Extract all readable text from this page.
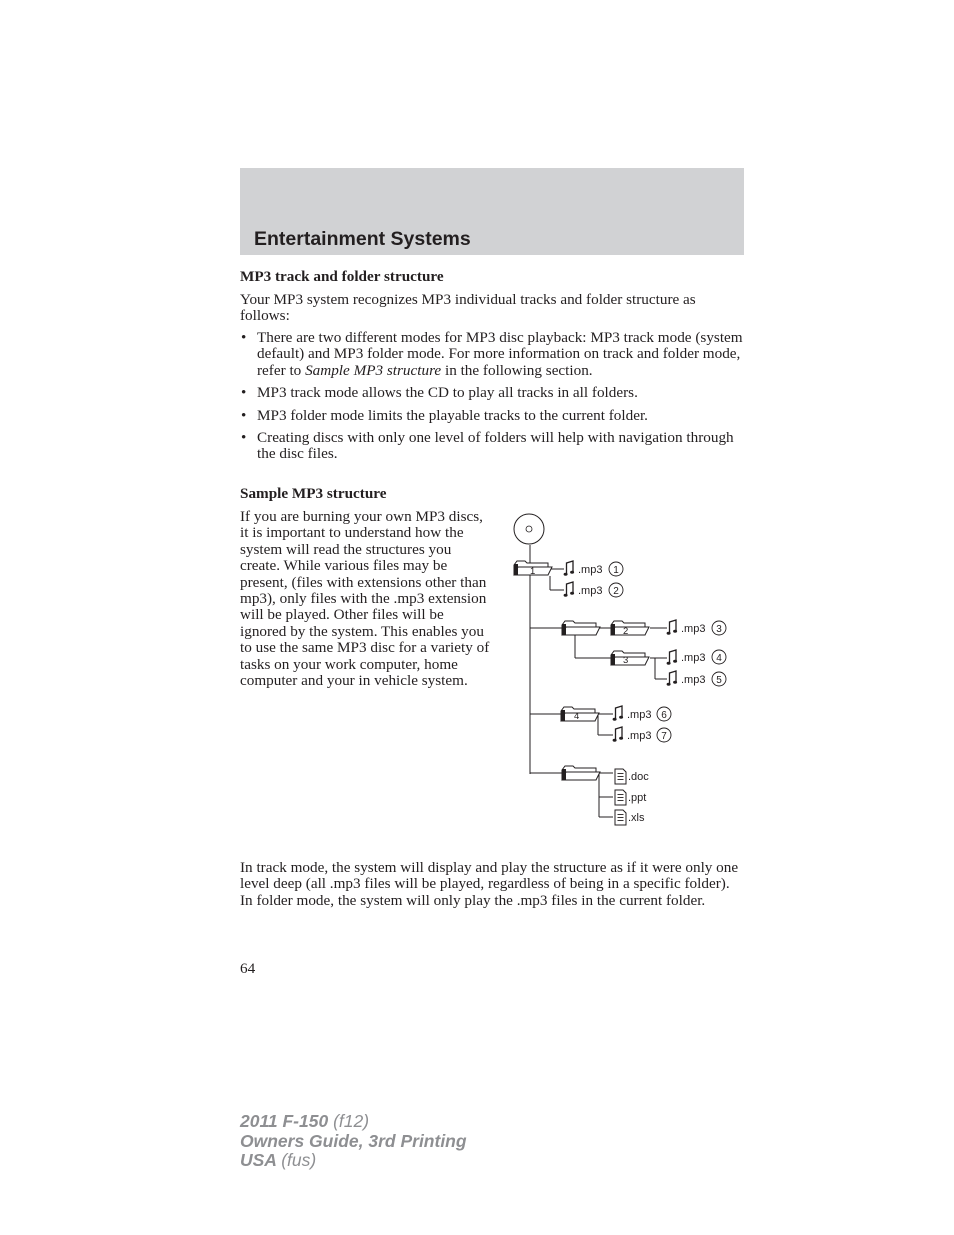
Entertainment Systems
MP3 track and folder structure

Your MP3 system recognizes MP3 individual tracks and folder structure as follows:

• There are two different modes for MP3 disc playback: MP3 track mode (system default) and MP3 folder mode. For more information on track and folder mode, refer to Sample MP3 structure in the following section.
• MP3 track mode allows the CD to play all tracks in all folders.
• MP3 folder mode limits the playable tracks to the current folder.
• Creating discs with only one level of folders will help with navigation through the disc files.
Sample MP3 structure

If you are burning your own MP3 discs, it is important to understand how the system will read the structures you create. While various files may be present, (files with extensions other than mp3), only files with the .mp3 extension will be played. Other files will be ignored by the system. This enables you to use the same MP3 disc for a variety of tasks on your work computer, home computer and your in vehicle system.

1
2
3
4
.mp3 1
.mp3 2
.mp3 3
.mp3 4
.mp3 5
.mp3 6
.mp3 7
.doc
.ppt
.xls

In track mode, the system will display and play the structure as if it were only one level deep (all .mp3 files will be played, regardless of being in a specific folder). In folder mode, the system will only play the .mp3 files in the current folder.

64

2011 F-150 (f12)
Owners Guide, 3rd Printing
USA (fus)
